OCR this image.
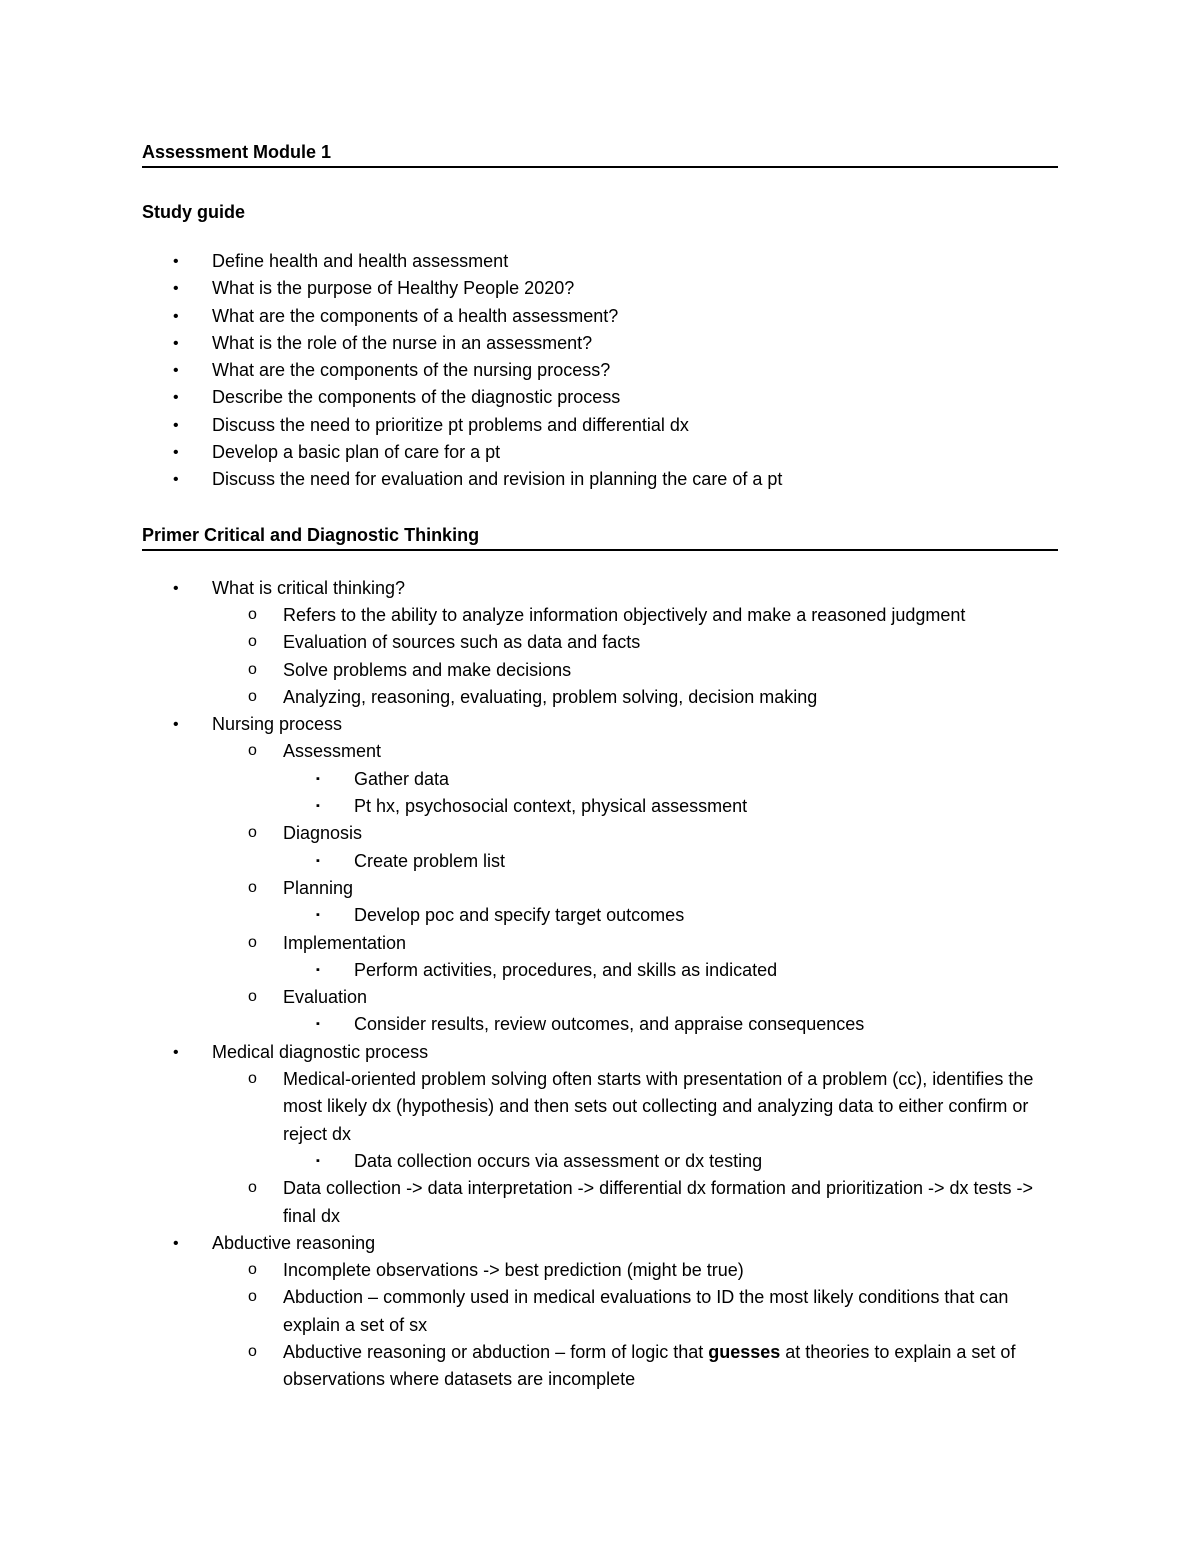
Assessment Module 1
Study guide
• Define health and health assessment
• What is the purpose of Healthy People 2020?
• What are the components of a health assessment?
• What is the role of the nurse in an assessment?
• What are the components of the nursing process?
• Describe the components of the diagnostic process
• Discuss the need to prioritize pt problems and differential dx
• Develop a basic plan of care for a pt
• Discuss the need for evaluation and revision in planning the care of a pt
Primer Critical and Diagnostic Thinking
• What is critical thinking?
o Refers to the ability to analyze information objectively and make a reasoned judgment
o Evaluation of sources such as data and facts
o Solve problems and make decisions
o Analyzing, reasoning, evaluating, problem solving, decision making
• Nursing process
o Assessment
▪ Gather data
▪ Pt hx, psychosocial context, physical assessment
o Diagnosis
▪ Create problem list
o Planning
▪ Develop poc and specify target outcomes
o Implementation
▪ Perform activities, procedures, and skills as indicated
o Evaluation
▪ Consider results, review outcomes, and appraise consequences
• Medical diagnostic process
o Medical-oriented problem solving often starts with presentation of a problem (cc), identifies the most likely dx (hypothesis) and then sets out collecting and analyzing data to either confirm or reject dx
▪ Data collection occurs via assessment or dx testing
o Data collection -> data interpretation -> differential dx formation and prioritization -> dx tests -> final dx
• Abductive reasoning
o Incomplete observations -> best prediction (might be true)
o Abduction – commonly used in medical evaluations to ID the most likely conditions that can explain a set of sx
o Abductive reasoning or abduction – form of logic that guesses at theories to explain a set of observations where datasets are incomplete
